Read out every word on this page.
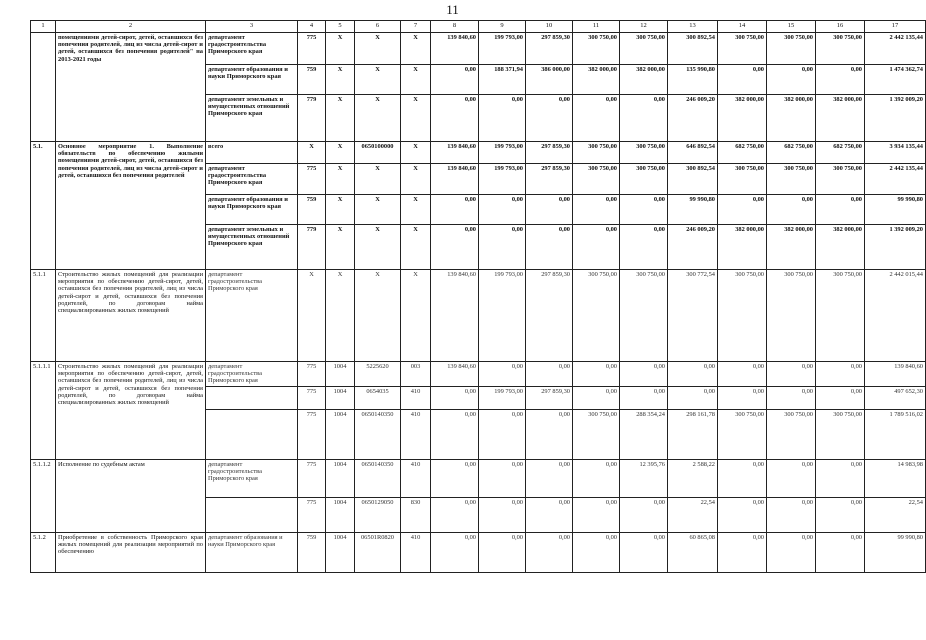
11
1	2	3	4	5	6	7	8	9	10	11	12	13	14	15	16	17
	помещениями детей-сирот, детей, оставшихся без попечения родителей, лиц из числа детей-сирот и детей, оставшихся без попечения родителей" на 2013-2021 годы	департамент градостроительства Приморского края	775	X	X	X	139 840,60	199 793,00	297 859,30	300 750,00	300 750,00	300 892,54	300 750,00	300 750,00	300 750,00	2 442 135,44
		департамент образования и науки Приморского края	759	X	X	X	0,00	188 371,94	386 000,00	382 000,00	382 000,00	135 990,80	0,00	0,00	0,00	1 474 362,74
		департамент земельных и имущественных отношений Приморского края	779	X	X	X	0,00	0,00	0,00	0,00	0,00	246 009,20	382 000,00	382 000,00	382 000,00	1 392 009,20
5.1.	Основное мероприятие 1. Выполнение обязательств по обеспечению жилыми помещениями детей-сирот, детей, оставшихся без попечения родителей, лиц из числа детей-сирот и детей, оставшихся без попечения родителей	всего	X	X	0650100000	X	139 840,60	199 793,00	297 859,30	300 750,00	300 750,00	646 892,54	682 750,00	682 750,00	682 750,00	3 934 135,44
		департамент градостроительства Приморского края	775	X	X	X	139 840,60	199 793,00	297 859,30	300 750,00	300 750,00	300 892,54	300 750,00	300 750,00	300 750,00	2 442 135,44
		департамент образования и науки Приморского края	759	X	X	X	0,00	0,00	0,00	0,00	0,00	99 990,80	0,00	0,00	0,00	99 990,80
		департамент земельных и имущественных отношений Приморского края	779	X	X	X	0,00	0,00	0,00	0,00	0,00	246 009,20	382 000,00	382 000,00	382 000,00	1 392 009,20
5.1.1	Строительство жилых помещений для реализации мероприятия по обеспечению детей-сирот, детей, оставшихся без попечения родителей, лиц из числа детей-сирот и детей, оставшихся без попечения родителей, по договорам найма специализированных жилых помещений	департамент градостроительства Приморского края	X	X	X	X	139 840,60	199 793,00	297 859,30	300 750,00	300 750,00	300 772,54	300 750,00	300 750,00	300 750,00	2 442 015,44
5.1.1.1	Строительство жилых помещений для реализации мероприятия по обеспечению детей-сирот, детей, оставшихся без попечения родителей, лиц из числа детей-сирот и детей, оставшихся без попечения родителей, по договорам найма специализированных жилых помещений	департамент градостроительства Приморского края	775	1004	5225620	003	139 840,60	0,00	0,00	0,00	0,00	0,00	0,00	0,00	0,00	139 840,60
			775	1004	0654035	410	0,00	199 793,00	297 859,30	0,00	0,00	0,00	0,00	0,00	0,00	497 652,30
			775	1004	0650140350	410	0,00	0,00	0,00	300 750,00	288 354,24	298 161,78	300 750,00	300 750,00	300 750,00	1 789 516,02
5.1.1.2	Исполнение по судебным актам	департамент градостроительства Приморского края	775	1004	0650140350	410	0,00	0,00	0,00	0,00	12 395,76	2 588,22	0,00	0,00	0,00	14 983,98
			775	1004	0650129050	830	0,00	0,00	0,00	0,00	0,00	22,54	0,00	0,00	0,00	22,54
5.1.2	Приобретение в собственность Приморского края жилых помещений для реализации мероприятий по обеспечению	департамент образования и науки Приморского края	759	1004	06501R0820	410	0,00	0,00	0,00	0,00	0,00	60 865,08	0,00	0,00	0,00	99 990,80
